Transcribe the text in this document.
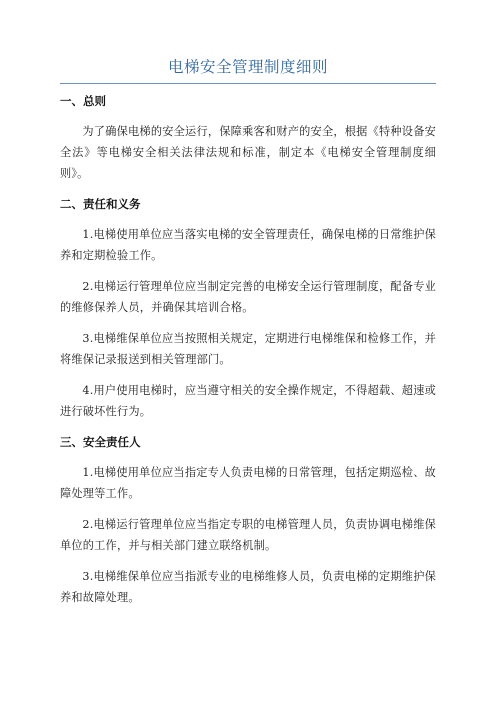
电梯安全管理制度细则
一、总则

为了确保电梯的安全运行，保障乘客和财产的安全，根据《特种设备安全法》等电梯安全相关法律法规和标准，制定本《电梯安全管理制度细则》。

二、责任和义务

1.电梯使用单位应当落实电梯的安全管理责任，确保电梯的日常维护保养和定期检验工作。

2.电梯运行管理单位应当制定完善的电梯安全运行管理制度，配备专业的维修保养人员，并确保其培训合格。

3.电梯维保单位应当按照相关规定，定期进行电梯维保和检修工作，并将维保记录报送到相关管理部门。

4.用户使用电梯时，应当遵守相关的安全操作规定，不得超载、超速或进行破坏性行为。

三、安全责任人

1.电梯使用单位应当指定专人负责电梯的日常管理，包括定期巡检、故障处理等工作。

2.电梯运行管理单位应当指定专职的电梯管理人员，负责协调电梯维保单位的工作，并与相关部门建立联络机制。

3.电梯维保单位应当指派专业的电梯维修人员，负责电梯的定期维护保养和故障处理。
